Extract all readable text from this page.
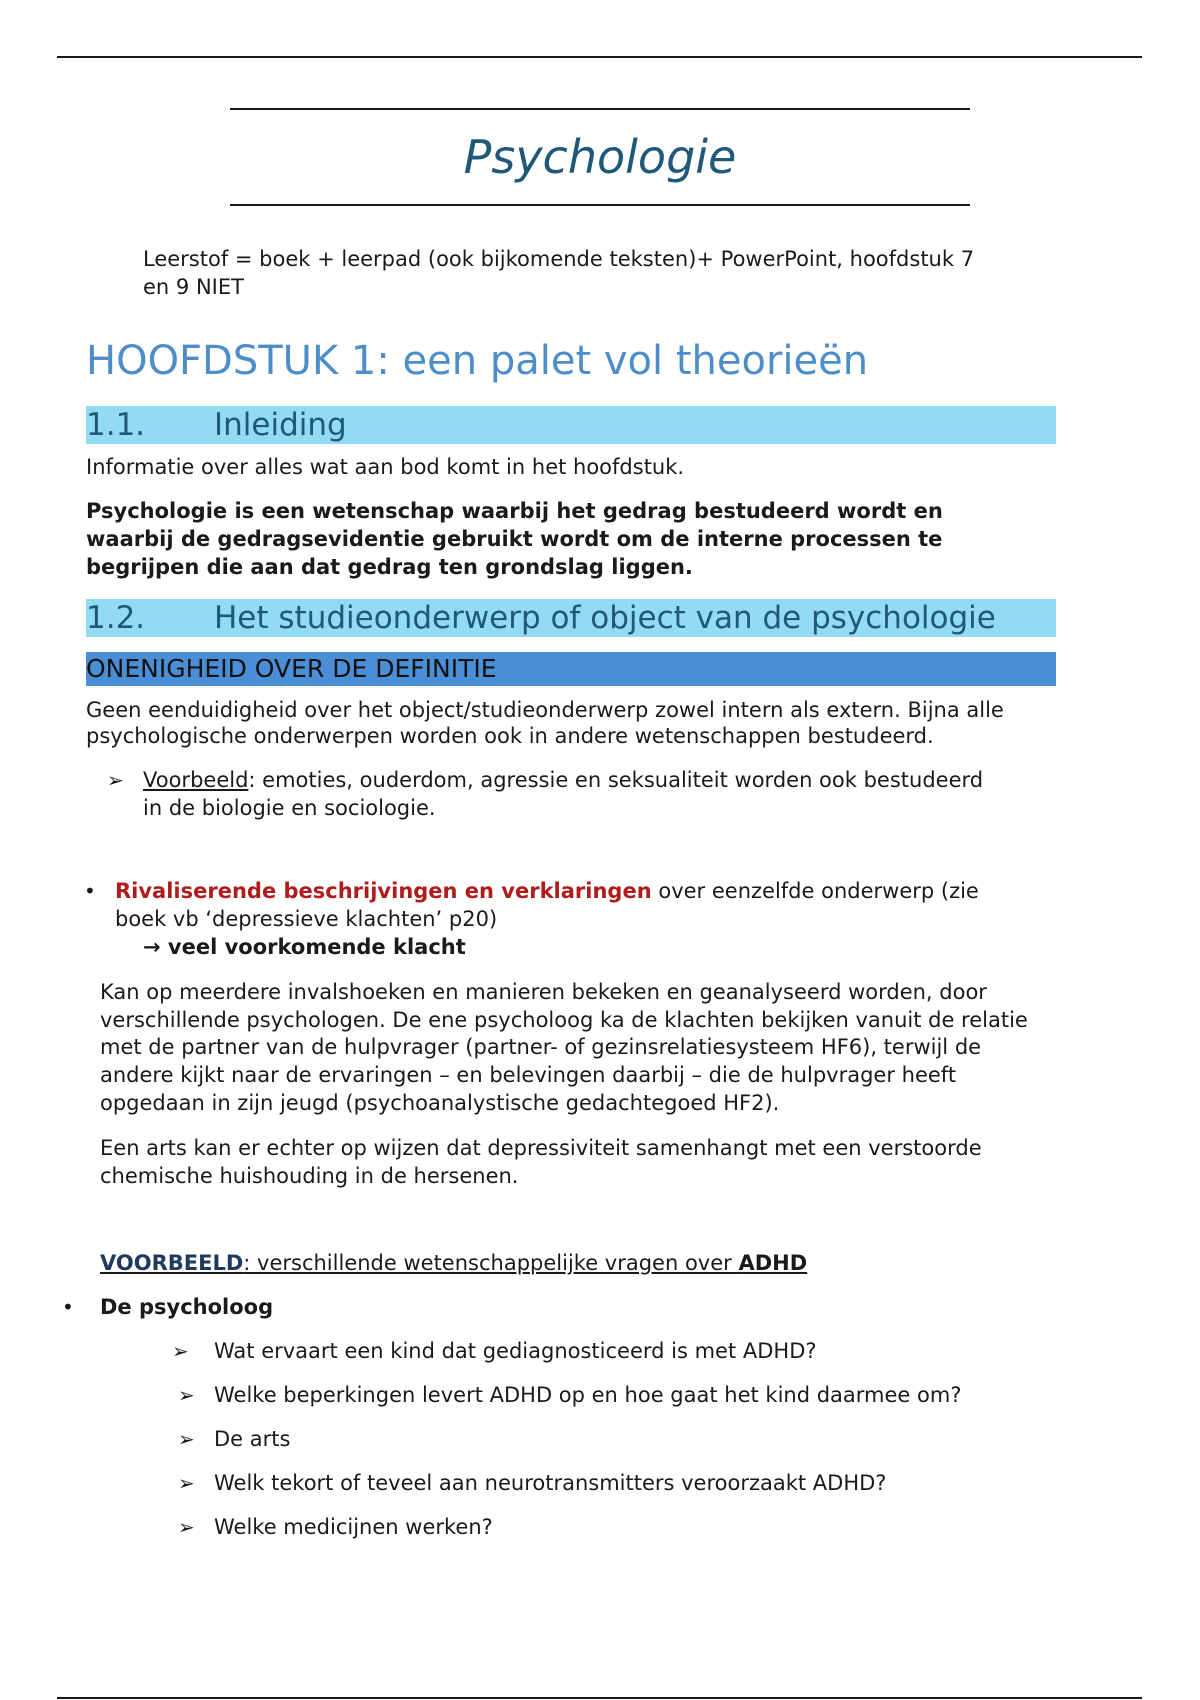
Psychologie
Leerstof = boek + leerpad (ook bijkomende teksten)+ PowerPoint, hoofdstuk 7
en 9 NIET
HOOFDSTUK 1: een palet vol theorieën
1.1. Inleiding
Informatie over alles wat aan bod komt in het hoofdstuk.
Psychologie is een wetenschap waarbij het gedrag bestudeerd wordt en
waarbij de gedragsevidentie gebruikt wordt om de interne processen te
begrijpen die aan dat gedrag ten grondslag liggen.
1.2. Het studieonderwerp of object van de psychologie
ONENIGHEID OVER DE DEFINITIE
Geen eenduidigheid over het object/studieonderwerp zowel intern als extern. Bijna alle
psychologische onderwerpen worden ook in andere wetenschappen bestudeerd.
➢ Voorbeeld: emoties, ouderdom, agressie en seksualiteit worden ook bestudeerd
in de biologie en sociologie.
• Rivaliserende beschrijvingen en verklaringen over eenzelfde onderwerp (zie
boek vb ‘depressieve klachten’ p20)
→ veel voorkomende klacht
Kan op meerdere invalshoeken en manieren bekeken en geanalyseerd worden, door
verschillende psychologen. De ene psycholoog ka de klachten bekijken vanuit de relatie
met de partner van de hulpvrager (partner- of gezinsrelatiesysteem HF6), terwijl de
andere kijkt naar de ervaringen – en belevingen daarbij – die de hulpvrager heeft
opgedaan in zijn jeugd (psychoanalystische gedachtegoed HF2).
Een arts kan er echter op wijzen dat depressiviteit samenhangt met een verstoorde
chemische huishouding in de hersenen.
VOORBEELD: verschillende wetenschappelijke vragen over ADHD
• De psycholoog
➢ Wat ervaart een kind dat gediagnosticeerd is met ADHD?
➢ Welke beperkingen levert ADHD op en hoe gaat het kind daarmee om?
➢ De arts
➢ Welk tekort of teveel aan neurotransmitters veroorzaakt ADHD?
➢ Welke medicijnen werken?
